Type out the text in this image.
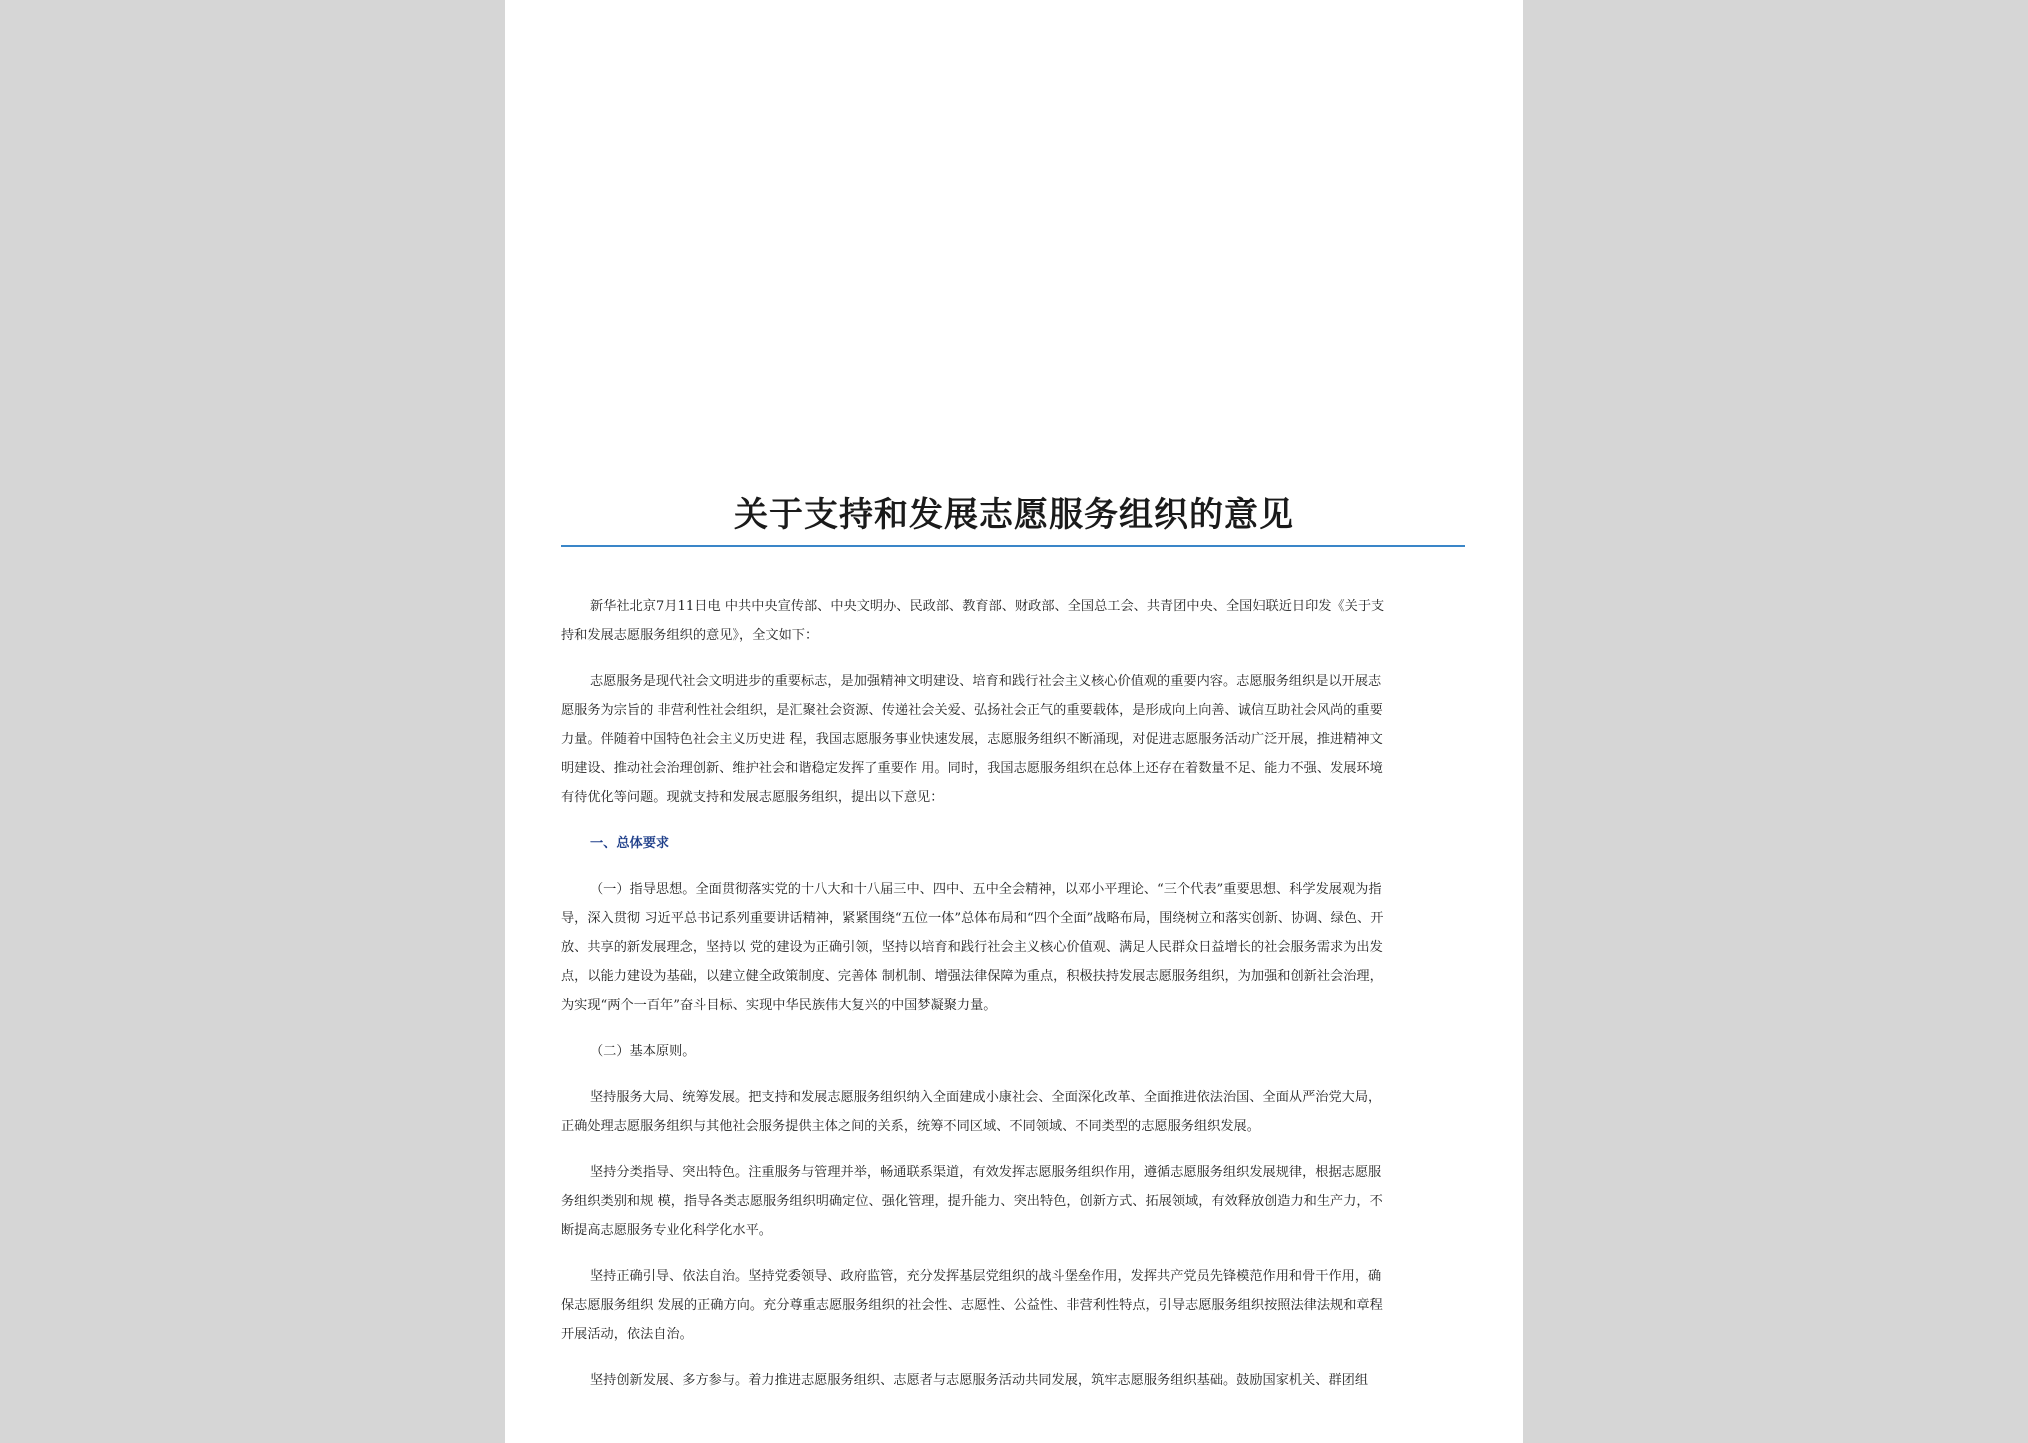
关于支持和发展志愿服务组织的意见
新华社北京7月11日电 中共中央宣传部、中央文明办、民政部、教育部、财政部、全国总工会、共青团中央、全国妇联近日印发《关于支
持和发展志愿服务组织的意见》，全文如下：
志愿服务是现代社会文明进步的重要标志，是加强精神文明建设、培育和践行社会主义核心价值观的重要内容。志愿服务组织是以开展志
愿服务为宗旨的 非营利性社会组织，是汇聚社会资源、传递社会关爱、弘扬社会正气的重要载体，是形成向上向善、诚信互助社会风尚的重要
力量。伴随着中国特色社会主义历史进 程，我国志愿服务事业快速发展，志愿服务组织不断涌现，对促进志愿服务活动广泛开展，推进精神文
明建设、推动社会治理创新、维护社会和谐稳定发挥了重要作 用。同时，我国志愿服务组织在总体上还存在着数量不足、能力不强、发展环境
有待优化等问题。现就支持和发展志愿服务组织，提出以下意见：
一、总体要求
（一）指导思想。全面贯彻落实党的十八大和十八届三中、四中、五中全会精神，以邓小平理论、“三个代表”重要思想、科学发展观为指
导，深入贯彻 习近平总书记系列重要讲话精神，紧紧围绕“五位一体”总体布局和“四个全面”战略布局，围绕树立和落实创新、协调、绿色、开
放、共享的新发展理念，坚持以 党的建设为正确引领，坚持以培育和践行社会主义核心价值观、满足人民群众日益增长的社会服务需求为出发
点，以能力建设为基础，以建立健全政策制度、完善体 制机制、增强法律保障为重点，积极扶持发展志愿服务组织，为加强和创新社会治理，
为实现“两个一百年”奋斗目标、实现中华民族伟大复兴的中国梦凝聚力量。
（二）基本原则。
坚持服务大局、统筹发展。把支持和发展志愿服务组织纳入全面建成小康社会、全面深化改革、全面推进依法治国、全面从严治党大局，
正确处理志愿服务组织与其他社会服务提供主体之间的关系，统筹不同区域、不同领域、不同类型的志愿服务组织发展。
坚持分类指导、突出特色。注重服务与管理并举，畅通联系渠道，有效发挥志愿服务组织作用，遵循志愿服务组织发展规律，根据志愿服
务组织类别和规 模，指导各类志愿服务组织明确定位、强化管理，提升能力、突出特色，创新方式、拓展领域，有效释放创造力和生产力，不
断提高志愿服务专业化科学化水平。
坚持正确引导、依法自治。坚持党委领导、政府监管，充分发挥基层党组织的战斗堡垒作用，发挥共产党员先锋模范作用和骨干作用，确
保志愿服务组织 发展的正确方向。充分尊重志愿服务组织的社会性、志愿性、公益性、非营利性特点，引导志愿服务组织按照法律法规和章程
开展活动，依法自治。
坚持创新发展、多方参与。着力推进志愿服务组织、志愿者与志愿服务活动共同发展，筑牢志愿服务组织基础。鼓励国家机关、群团组
